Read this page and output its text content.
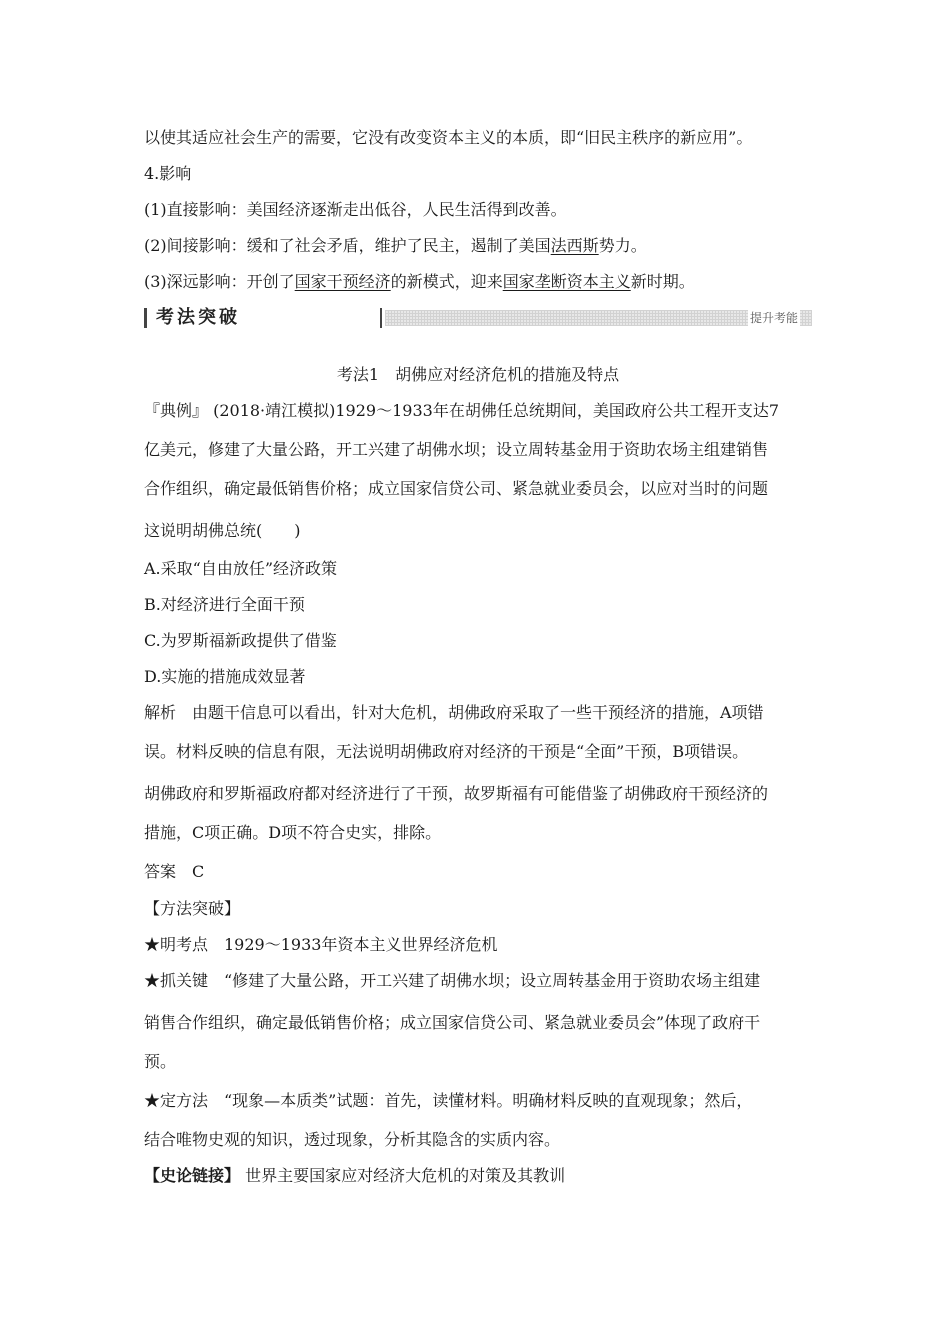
以使其适应社会生产的需要，它没有改变资本主义的本质，即“旧民主秩序的新应用”。
4.影响
(1)直接影响：美国经济逐渐走出低谷，人民生活得到改善。
(2)间接影响：缓和了社会矛盾，维护了民主，遏制了美国法西斯势力。
(3)深远影响：开创了国家干预经济的新模式，迎来国家垄断资本主义新时期。
考法突破	提升考能
考法1　胡佛应对经济危机的措施及特点
『典例』 (2018·靖江模拟)1929～1933年在胡佛任总统期间，美国政府公共工程开支达7
亿美元，修建了大量公路，开工兴建了胡佛水坝；设立周转基金用于资助农场主组建销售
合作组织，确定最低销售价格；成立国家信贷公司、紧急就业委员会，以应对当时的问题
这说明胡佛总统(　　)
A.采取“自由放任”经济政策
B.对经济进行全面干预
C.为罗斯福新政提供了借鉴
D.实施的措施成效显著
解析　由题干信息可以看出，针对大危机，胡佛政府采取了一些干预经济的措施，A项错
误。材料反映的信息有限，无法说明胡佛政府对经济的干预是“全面”干预，B项错误。
胡佛政府和罗斯福政府都对经济进行了干预，故罗斯福有可能借鉴了胡佛政府干预经济的
措施，C项正确。D项不符合史实，排除。
答案　C
【方法突破】
★明考点　1929～1933年资本主义世界经济危机
★抓关键　“修建了大量公路，开工兴建了胡佛水坝；设立周转基金用于资助农场主组建
销售合作组织，确定最低销售价格；成立国家信贷公司、紧急就业委员会”体现了政府干
预。
★定方法　“现象—本质类”试题：首先，读懂材料。明确材料反映的直观现象；然后，
结合唯物史观的知识，透过现象，分析其隐含的实质内容。
【史论链接】 世界主要国家应对经济大危机的对策及其教训
